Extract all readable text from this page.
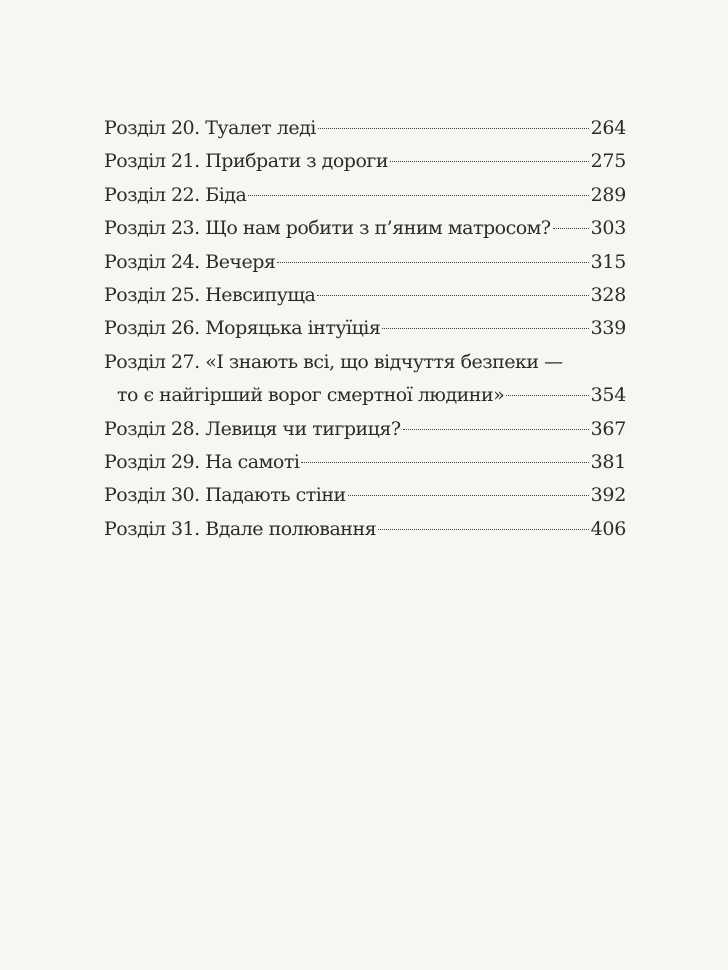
Розділ 20. Туалет леді	264
Розділ 21. Прибрати з дороги	275
Розділ 22. Біда	289
Розділ 23. Що нам робити з п’яним матросом? 303
Розділ 24. Вечеря	315
Розділ 25. Невсипуща	328
Розділ 26. Моряцька інтуїція	339
Розділ 27. «І знають всі, що відчуття безпеки —
то є найгірший ворог смертної людини»	354
Розділ 28. Левиця чи тигриця?	367
Розділ 29. На самоті	381
Розділ 30. Падають стіни	392
Розділ 31. Вдале полювання	406
